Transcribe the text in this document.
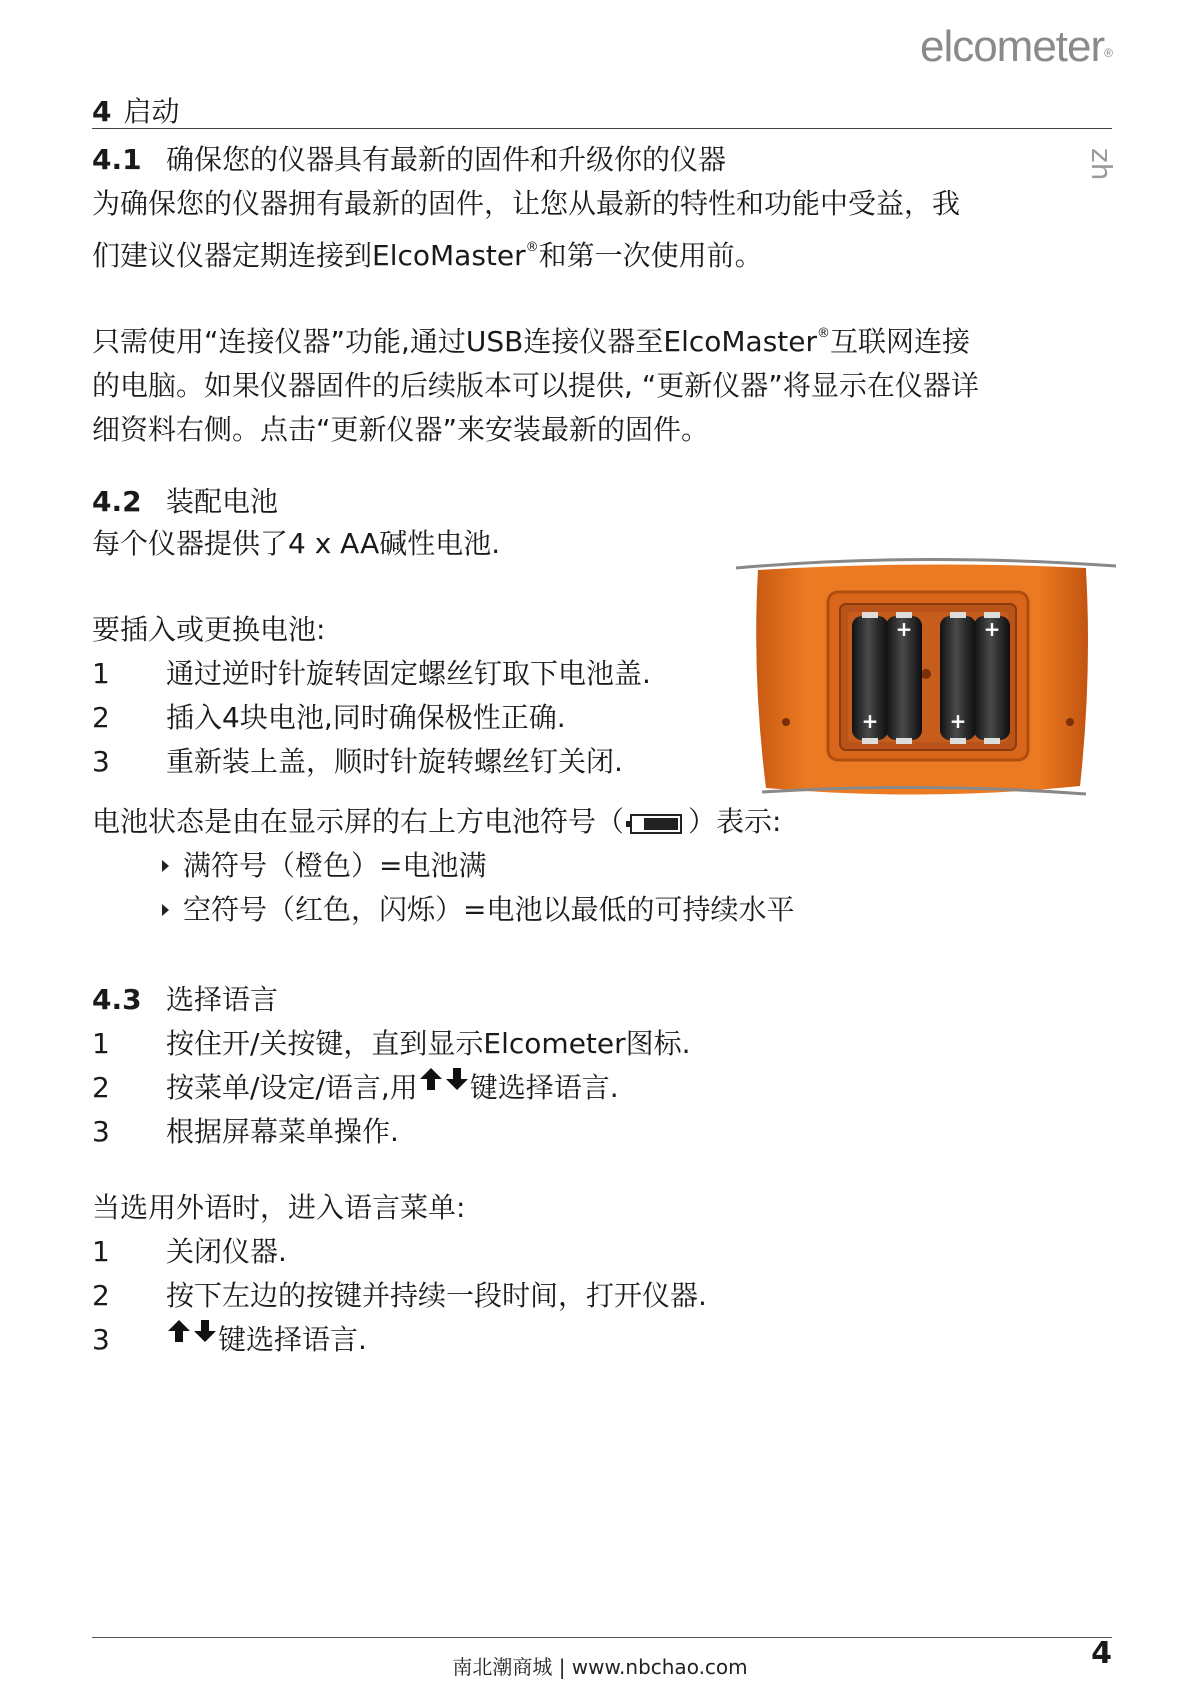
elcometer®
zh
4 启动
4.1 确保您的仪器具有最新的固件和升级你的仪器
为确保您的仪器拥有最新的固件，让您从最新的特性和功能中受益，我
们建议仪器定期连接到ElcoMaster®和第一次使用前。
只需使用“连接仪器”功能,通过USB连接仪器至ElcoMaster®互联网连接
的电脑。如果仪器固件的后续版本可以提供, “更新仪器”将显示在仪器详
细资料右侧。点击“更新仪器”来安装最新的固件。
4.2 装配电池
每个仪器提供了4 x AA碱性电池.
要插入或更换电池:
1	通过逆时针旋转固定螺丝钉取下电池盖.
2	插入4块电池,同时确保极性正确.
3	重新装上盖，顺时针旋转螺丝钉关闭.
+	+
+	+
电池状态是由在显示屏的右上方电池符号（ ）表示:
满符号（橙色）=电池满
空符号（红色，闪烁）=电池以最低的可持续水平
4.3 选择语言
1	按住开/关按键，直到显示Elcometer图标.
2	按菜单/设定/语言,用 键选择语言.
3	根据屏幕菜单操作.
当选用外语时，进入语言菜单:
1	关闭仪器.
2	按下左边的按键并持续一段时间，打开仪器.
3	键选择语言.
南北潮商城 | www.nbchao.com	4
